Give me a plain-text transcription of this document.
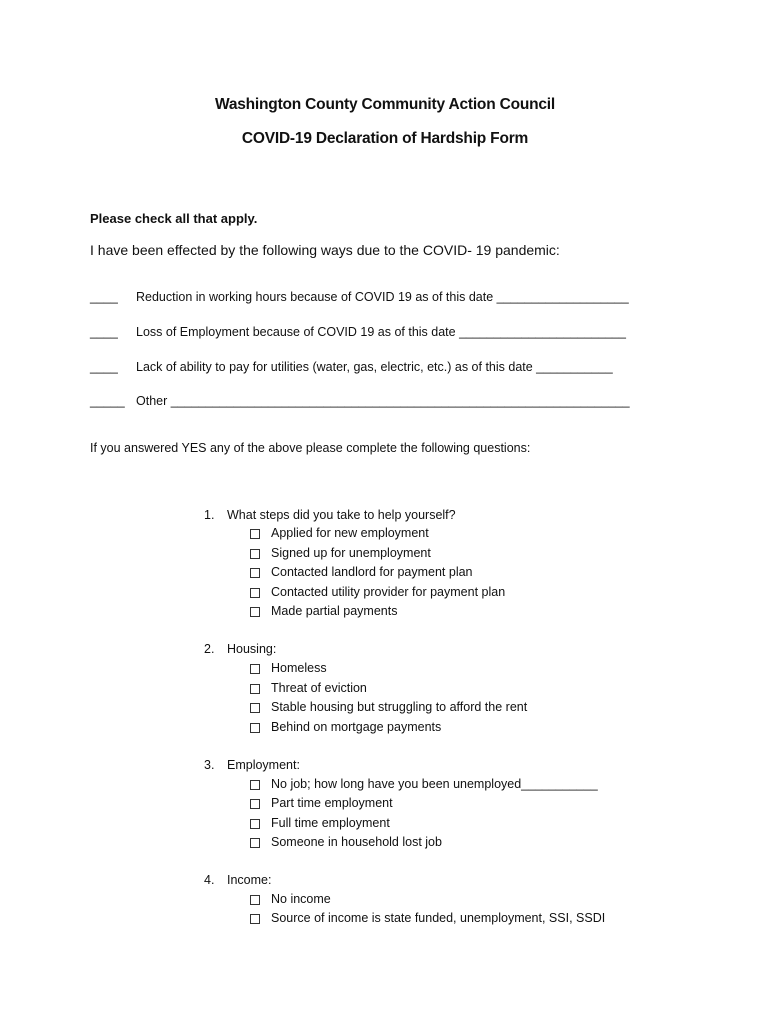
Washington County Community Action Council
COVID-19 Declaration of Hardship Form
Please check all that apply.
I have been effected by the following ways due to the COVID- 19 pandemic:
____ Reduction in working hours because of COVID 19 as of this date ___________________
____ Loss of Employment because of COVID 19 as of this date ________________________
____ Lack of ability to pay for utilities (water, gas, electric, etc.) as of this date ___________
_____ Other __________________________________________________________________
If you answered YES any of the above please complete the following questions:
1. What steps did you take to help yourself?
Applied for new employment
Signed up for unemployment
Contacted landlord for payment plan
Contacted utility provider for payment plan
Made partial payments
2. Housing:
Homeless
Threat of eviction
Stable housing but struggling to afford the rent
Behind on mortgage payments
3. Employment:
No job; how long have you been unemployed___________
Part time employment
Full time employment
Someone in household lost job
4. Income:
No income
Source of income is state funded, unemployment, SSI, SSDI
